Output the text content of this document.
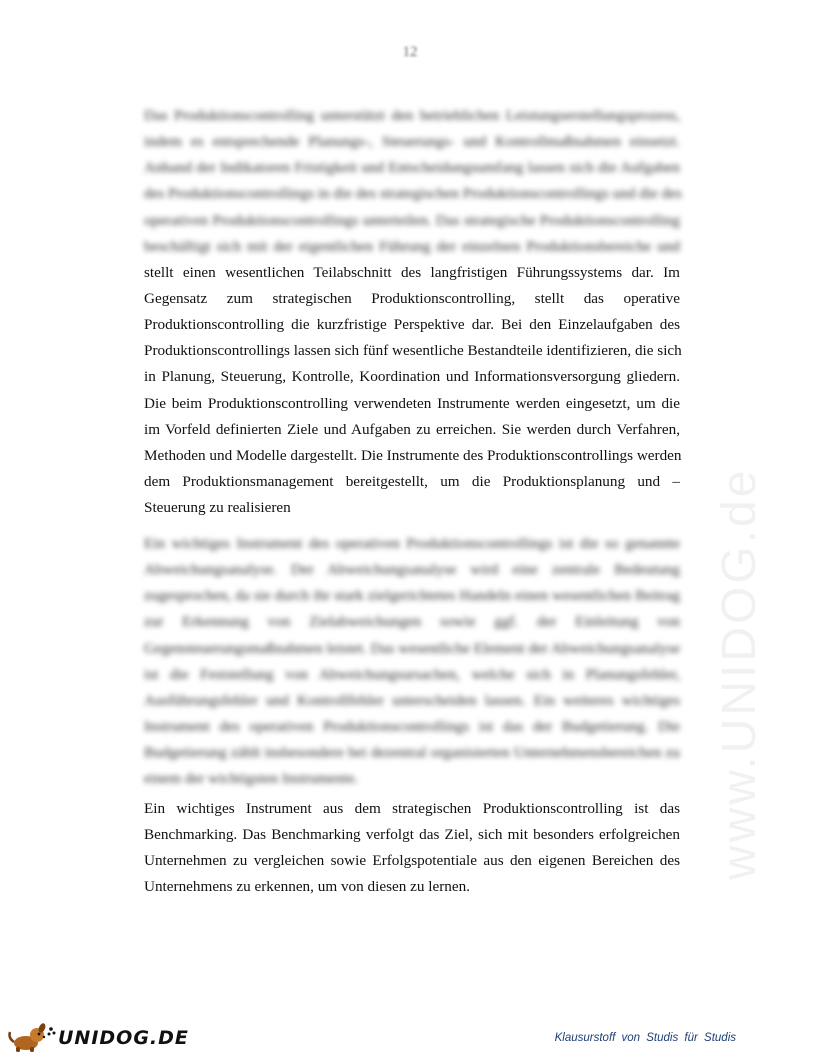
12
www.UNIDOG.de
Das Produktionscontrolling unterstützt den betrieblichen Leistungserstellungsprozess,
indem es entsprechende Planungs-, Steuerungs- und Kontrollmaßnahmen einsetzt.
Anhand der Indikatoren Fristigkeit und Entscheidungsumfang lassen sich die Aufgaben
des Produktionscontrollings in die des strategischen Produktionscontrollings und die des
operativen Produktionscontrollings unterteilen. Das strategische Produktionscontrolling
beschäftigt sich mit der eigentlichen Führung der einzelnen Produktionsbereiche und
stellt einen wesentlichen Teilabschnitt des langfristigen Führungssystems dar. Im
Gegensatz zum strategischen Produktionscontrolling, stellt das operative
Produktionscontrolling die kurzfristige Perspektive dar. Bei den Einzelaufgaben des
Produktionscontrollings lassen sich fünf wesentliche Bestandteile identifizieren, die sich
in Planung, Steuerung, Kontrolle, Koordination und Informationsversorgung gliedern.
Die beim Produktionscontrolling verwendeten Instrumente werden eingesetzt, um die
im Vorfeld definierten Ziele und Aufgaben zu erreichen. Sie werden durch Verfahren,
Methoden und Modelle dargestellt. Die Instrumente des Produktionscontrollings werden
dem Produktionsmanagement bereitgestellt, um die Produktionsplanung und –
Steuerung zu realisieren
Ein wichtiges Instrument des operativen Produktionscontrollings ist die so genannte
Abweichungsanalyse. Der Abweichungsanalyse wird eine zentrale Bedeutung
zugesprochen, da sie durch ihr stark zielgerichtetes Handeln einen wesentlichen Beitrag
zur Erkennung von Zielabweichungen sowie ggf. der Einleitung von
Gegensteuerungsmaßnahmen leistet. Das wesentliche Element der Abweichungsanalyse
ist die Feststellung von Abweichungsursachen, welche sich in Planungsfehler,
Ausführungsfehler und Kontrollfehler unterscheiden lassen. Ein weiteres wichtiges
Instrument des operativen Produktionscontrollings ist das der Budgetierung. Die
Budgetierung zählt insbesondere bei dezentral organisierten Unternehmensbereichen zu
einem der wichtigsten Instrumente.
Ein wichtiges Instrument aus dem strategischen Produktionscontrolling ist das
Benchmarking. Das Benchmarking verfolgt das Ziel, sich mit besonders erfolgreichen
Unternehmen zu vergleichen sowie Erfolgspotentiale aus den eigenen Bereichen des
Unternehmens zu erkennen, um von diesen zu lernen.
UNIDOG.DE	Klausurstoff von Studis für Studis
